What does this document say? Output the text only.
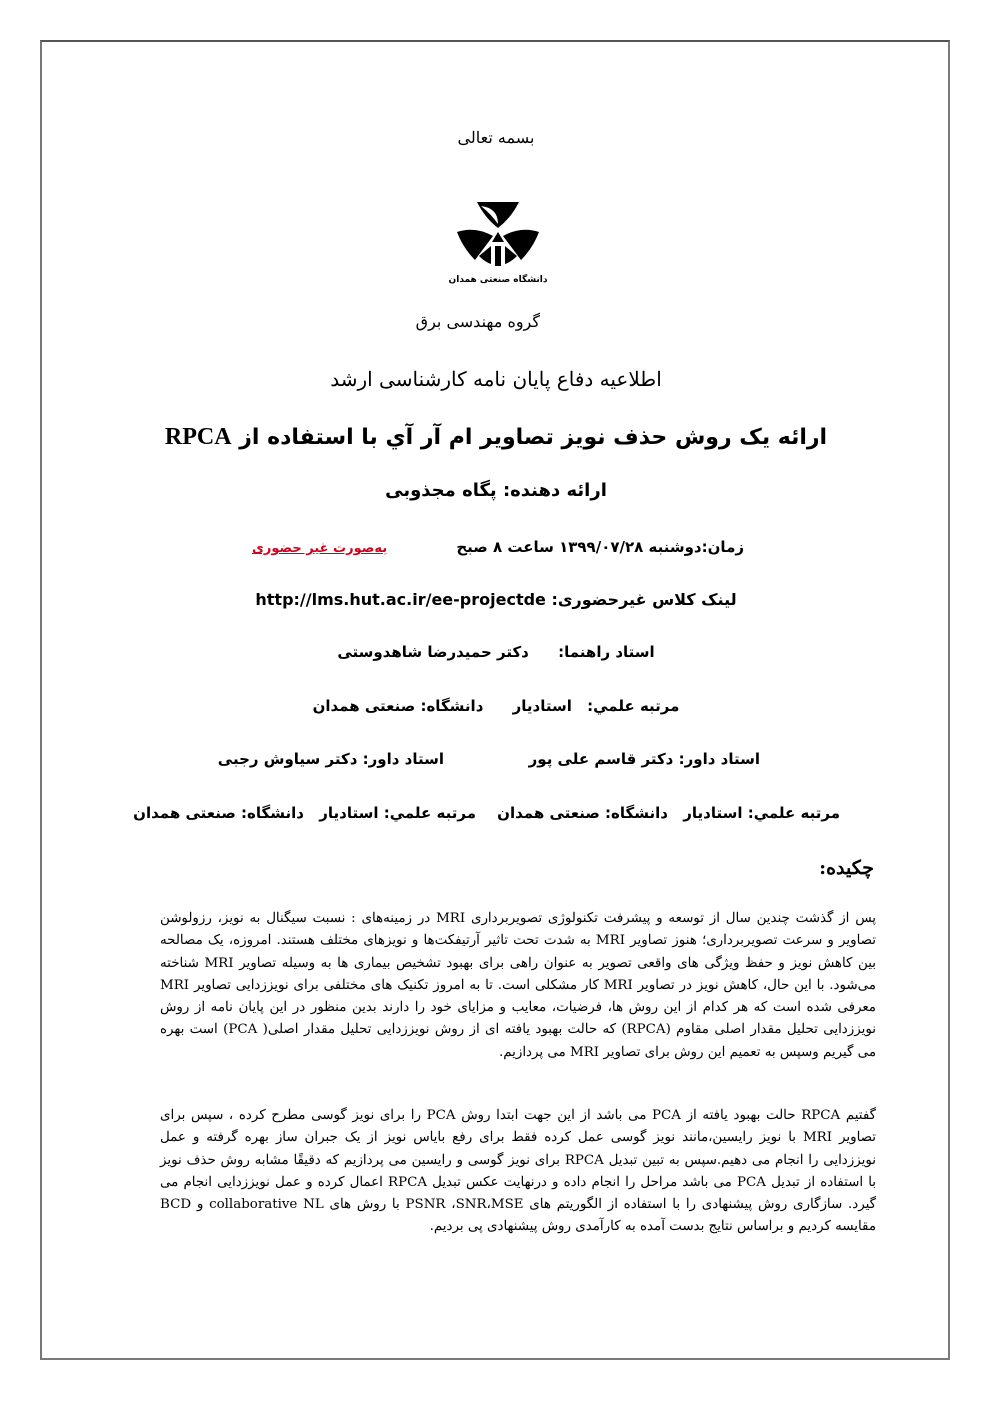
بسمه تعالی
دانشگاه صنعتی همدان
گروه مهندسی برق
اطلاعیه دفاع پایان نامه کارشناسی ارشد
ارائه یک روش حذف نویز تصاویر ام آر آي با استفاده از RPCA
ارائه دهنده: پگاه مجذوبی
زمان:دوشنبه ۱۳۹۹/۰۷/۲۸ ساعت ۸ صبح
به‌صورت غیر حضوری
لینک کلاس غیرحضوری: http://lms.hut.ac.ir/ee-projectde
استاد راهنما: دکتر حمیدرضا شاهدوستی
مرتبه علمي: استادیار دانشگاه: صنعتی همدان
استاد داور: دکتر قاسم علی پور
استاد داور: دکتر سیاوش رجبی
مرتبه علمي: استادیار دانشگاه: صنعتی همدان
مرتبه علمي: استادیار دانشگاه: صنعتی همدان
چکیده:
پس از گذشت چندین سال از توسعه و پیشرفت تکنولوژی تصویربرداری MRI در زمینه‌های : نسبت سیگنال به نویز، رزولوشن تصاویر و سرعت تصویربرداری؛ هنوز تصاویر MRI به شدت تحت تاثیر آرتیفکت‌ها و نویزهای مختلف هستند. امروزه، یک مصالحه بین کاهش نویز و حفظ ویژگی های واقعی تصویر به عنوان راهی برای بهبود تشخیص بیماری ها به وسیله تصاویر MRI شناخته می‌شود. با این حال، کاهش نویز در تصاویر MRI کار مشکلی است. تا به امروز تکنیک های مختلفی برای نویززدایی تصاویر MRI معرفی شده است که هر کدام از این روش ها، فرضیات، معایب و مزایای خود را دارند بدین منظور در این پایان نامه از روش نویززدایی تحلیل مقدار اصلی مقاوم (RPCA) که حالت بهبود یافته ای از روش نویززدایی تحلیل مقدار اصلی( PCA) است بهره می گیریم وسپس به تعمیم این روش برای تصاویر MRI می پردازیم.
گفتیم RPCA حالت بهبود یافته از PCA می باشد از این جهت ابتدا روش PCA را برای نویز گوسی مطرح کرده ، سپس برای تصاویر MRI با نویز رایسین،مانند نویز گوسی عمل کرده فقط برای رفع بایاس نویز از یک جبران ساز بهره گرفته و عمل نویززدایی را انجام می دهیم.سپس به تبین تبدیل RPCA برای نویز گوسی و رایسین می پردازیم که دقیقًا مشابه روش حذف نویز با استفاده از تبدیل PCA می باشد مراحل را انجام داده و درنهایت عکس تبدیل RPCA اعمال کرده و عمل نویززدایی انجام می گیرد. سازگاری روش پیشنهادی را با استفاده از الگوریتم های PSNR ،SNR،MSE با روش های collaborative NL و BCD مقایسه کردیم و براساس نتایج بدست آمده به کارآمدی روش پیشنهادی پی بردیم.
